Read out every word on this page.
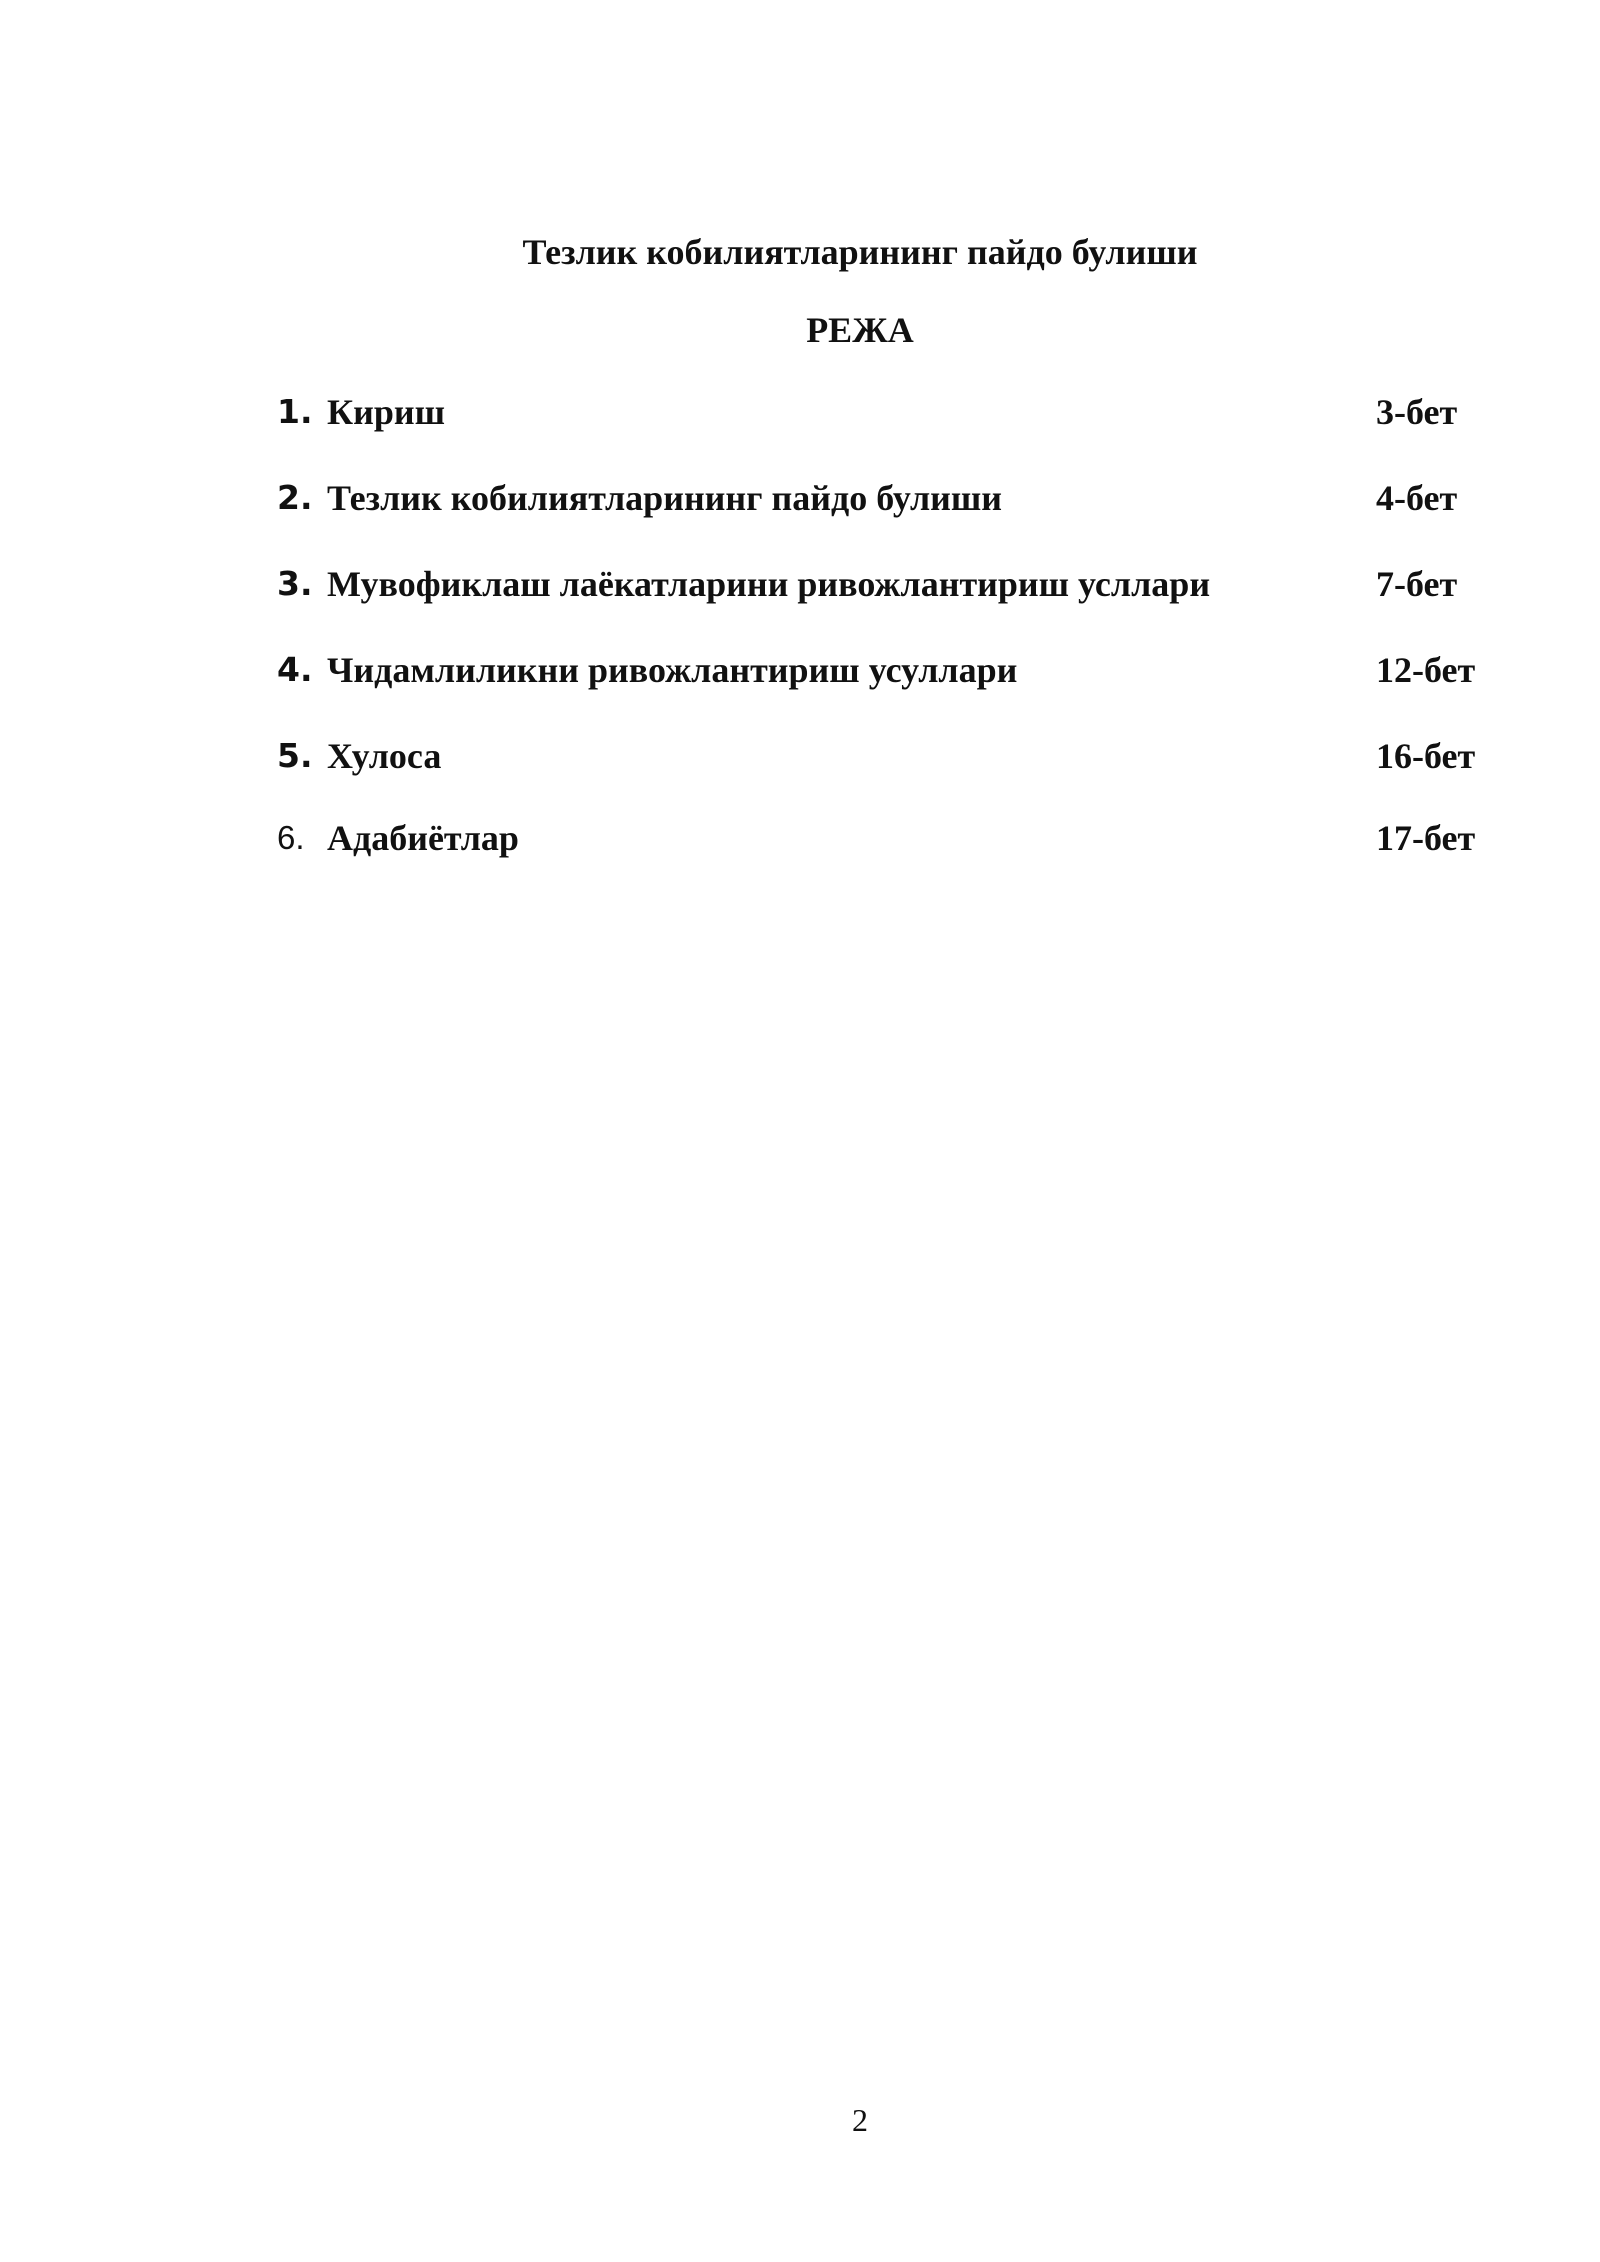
Тезлик кобилиятларининг пайдо булиши
РЕЖА
1. Кириш	3-бет
2. Тезлик кобилиятларининг пайдо булиши	4-бет
3. Мувофиклаш лаёкатларини ривожлантириш усллари	7-бет
4. Чидамлиликни ривожлантириш усуллари	12-бет
5. Хулоса	16-бет
6. Адабиётлар	17-бет
2
